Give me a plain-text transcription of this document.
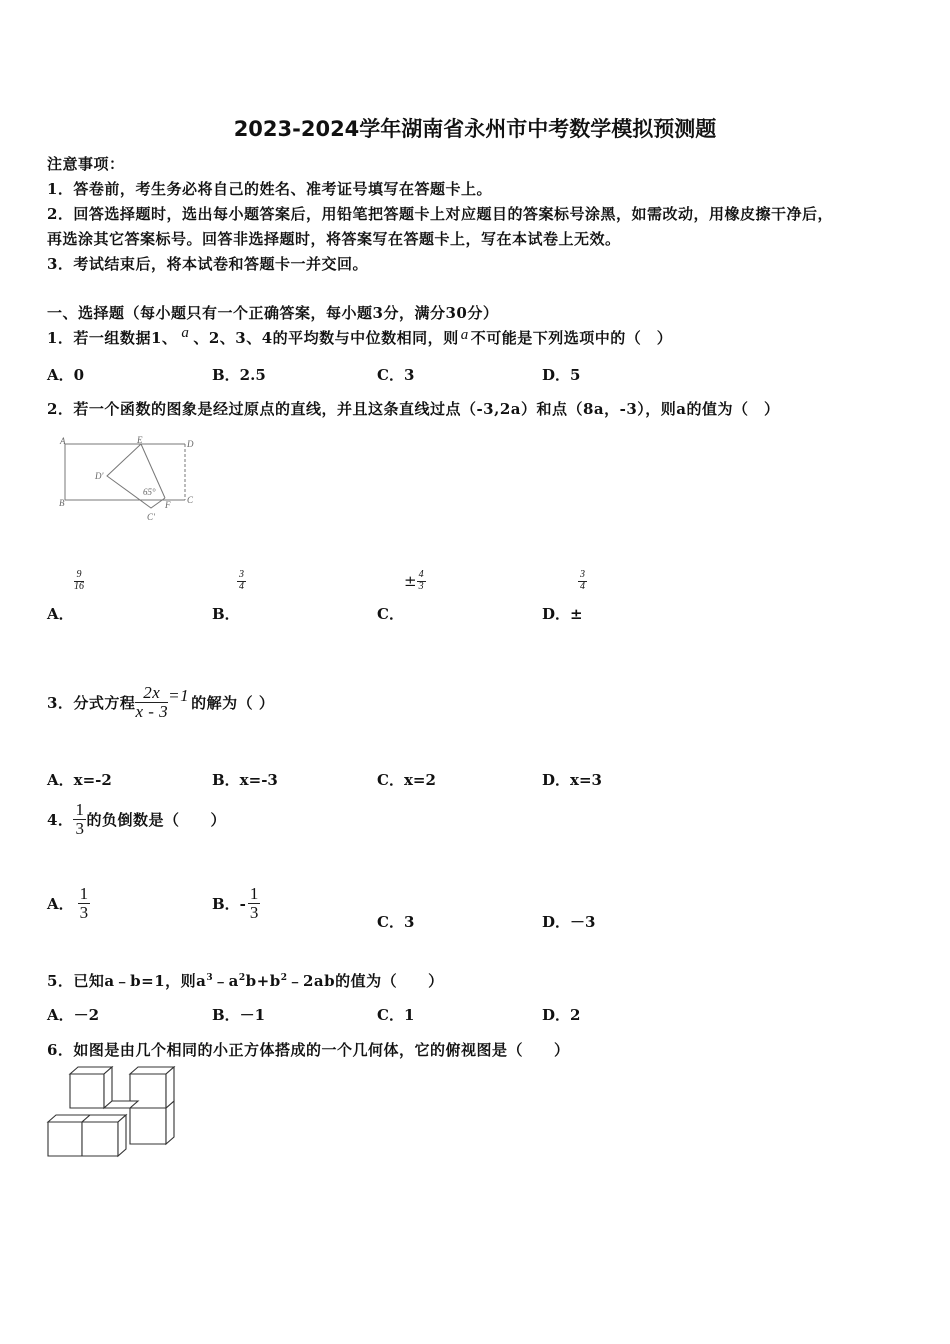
2023-2024学年湖南省永州市中考数学模拟预测题
注意事项：
1．答卷前，考生务必将自己的姓名、准考证号填写在答题卡上。
2．回答选择题时，选出每小题答案后，用铅笔把答题卡上对应题目的答案标号涂黑，如需改动，用橡皮擦干净后，
再选涂其它答案标号。回答非选择题时，将答案写在答题卡上，写在本试卷上无效。
3．考试结束后，将本试卷和答题卡一并交回。
一、选择题（每小题只有一个正确答案，每小题3分，满分30分）
1．若一组数据1、 a 、2、3、4的平均数与中位数相同，则 a 不可能是下列选项中的（　）
A．0	B．2.5	C．3	D．5
2．若一个函数的图象是经过原点的直线，并且这条直线过点（-3,2a）和点（8a，-3），则a的值为（　）
A	E	D
D'
65°
B	F C
C'
$\frac{9}{16}$
A．
$\frac{3}{4}$
B．
± $\frac{4}{3}$
C．
$\frac{3}{4}$
D．±
3．分式方程 $\frac{2x}{x - 3} =1$ 的解为（ ）
A．x=-2	B．x=-3	C．x=2	D．x=3
4． $\frac{1}{3}$ 的负倒数是（　　）
A． $\frac{1}{3}$	B．- $\frac{1}{3}$
C．3	D．－3
5．已知a﹣b=1，则$a^3﹣a^2b+b^2﹣2ab$的值为（　　）
A．－2	B．－1	C．1	D．2
6．如图是由几个相同的小正方体搭成的一个几何体，它的俯视图是（　　）
